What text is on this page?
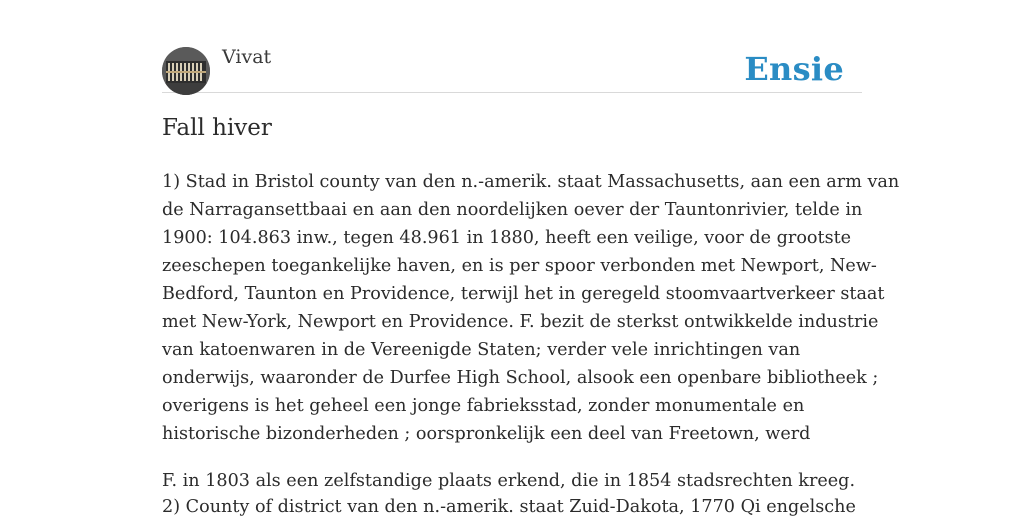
Vivat	Ensie
Fall hiver

1) Stad in Bristol county van den n.-amerik. staat Massachusetts, aan een arm van
de Narragansettbaai en aan den noordelijken oever der Tauntonrivier, telde in
1900: 104.863 inw., tegen 48.961 in 1880, heeft een veilige, voor de grootste
zeeschepen toegankelijke haven, en is per spoor verbonden met Newport, New-
Bedford, Taunton en Providence, terwijl het in geregeld stoomvaartverkeer staat
met New-York, Newport en Providence. F. bezit de sterkst ontwikkelde industrie
van katoenwaren in de Vereenigde Staten; verder vele inrichtingen van
onderwijs, waaronder de Durfee High School, alsook een openbare bibliotheek ;
overigens is het geheel een jonge fabrieksstad, zonder monumentale en
historische bizonderheden ; oorspronkelijk een deel van Freetown, werd

F. in 1803 als een zelfstandige plaats erkend, die in 1854 stadsrechten kreeg.
2) County of district van den n.-amerik. staat Zuid-Dakota, 1770 Qi engelsche
